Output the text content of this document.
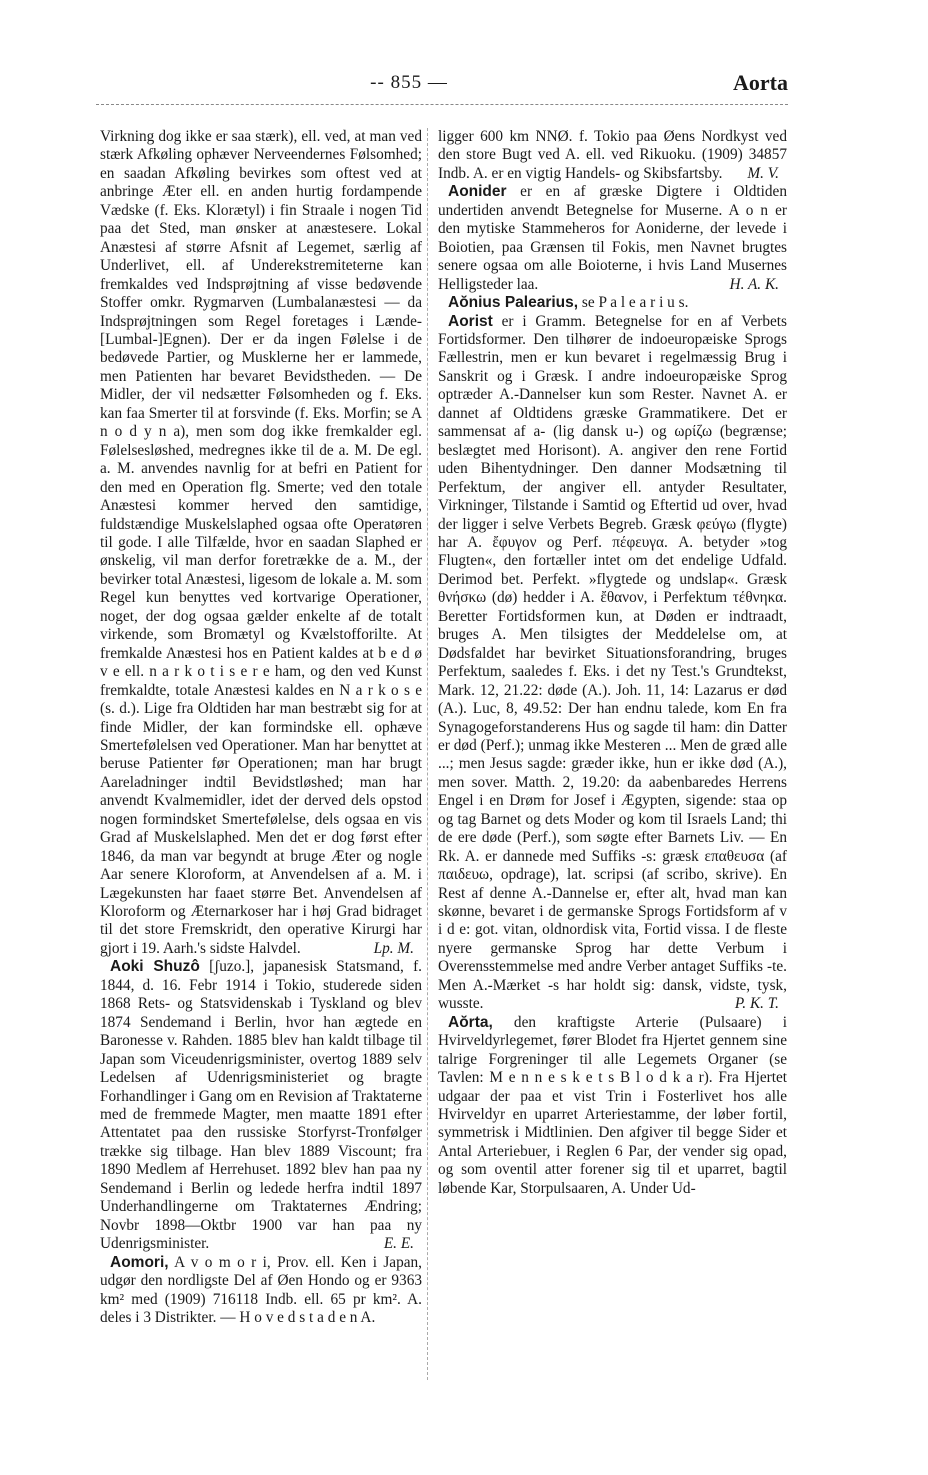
-- 855 —	Aorta

Virkning dog ikke er saa stærk), ell. ved, at man ved stærk Afkøling ophæver Nerveendernes Følsomhed; en saadan Afkøling bevirkes som oftest ved at anbringe Æter ell. en anden hurtig fordampende Vædske (f. Eks. Klorætyl) i fin Straale i nogen Tid paa det Sted, man ønsker at anæstesere. Lokal Anæstesi af større Afsnit af Legemet, særlig af Underlivet, ell. af Underekstremiteterne kan fremkaldes ved Indsprøjtning af visse bedøvende Stoffer omkr. Rygmarven (Lumbalanæstesi — da Indsprøjtningen som Regel foretages i Lænde-[Lumbal-]Egnen). Der er da ingen Følelse i de bedøvede Partier, og Musklerne her er lammede, men Patienten har bevaret Bevidstheden. — De Midler, der vil nedsætter Følsomheden og f. Eks. kan faa Smerter til at forsvinde (f. Eks. Morfin; se A n o d y n a), men som dog ikke fremkalder egl. Følelsesløshed, medregnes ikke til de a. M. De egl. a. M. anvendes navnlig for at befri en Patient for den med en Operation flg. Smerte; ved den totale Anæstesi kommer herved den samtidige, fuldstændige Muskelslaphed ogsaa ofte Operatøren til gode. I alle Tilfælde, hvor en saadan Slaphed er ønskelig, vil man derfor foretrække de a. M., der bevirker total Anæstesi, ligesom de lokale a. M. som Regel kun benyttes ved kortvarige Operationer, noget, der dog ogsaa gælder enkelte af de totalt virkende, som Bromætyl og Kvælstofforilte. At fremkalde Anæstesi hos en Patient kaldes at b e d ø v e ell. n a r k o t i s e r e ham, og den ved Kunst fremkaldte, totale Anæstesi kaldes en N a r k o s e (s. d.). Lige fra Oldtiden har man bestræbt sig for at finde Midler, der kan formindske ell. ophæve Smertefølelsen ved Operationer. Man har benyttet at beruse Patienter før Operationen; man har brugt Aareladninger indtil Bevidstløshed; man har anvendt Kvalmemidler, idet der derved dels opstod nogen formindsket Smertefølelse, dels ogsaa en vis Grad af Muskelslaphed. Men det er dog først efter 1846, da man var begyndt at bruge Æter og nogle Aar senere Kloroform, at Anvendelsen af a. M. i Lægekunsten har faaet større Bet. Anvendelsen af Kloroform og Æternarkoser har i høj Grad bidraget til det store Fremskridt, den operative Kirurgi har gjort i 19. Aarh.'s sidste Halvdel.	Lp. M.

Aoki Shuzô [ʃuzo.], japanesisk Statsmand, f. 1844, d. 16. Febr 1914 i Tokio, studerede siden 1868 Rets- og Statsvidenskab i Tyskland og blev 1874 Sendemand i Berlin, hvor han ægtede en Baronesse v. Rahden. 1885 blev han kaldt tilbage til Japan som Viceudenrigsminister, overtog 1889 selv Ledelsen af Udenrigsministeriet og bragte Forhandlinger i Gang om en Revision af Traktaterne med de fremmede Magter, men maatte 1891 efter Attentatet paa den russiske Storfyrst-Tronfølger trække sig tilbage. Han blev 1889 Viscount; fra 1890 Medlem af Herrehuset. 1892 blev han paa ny Sendemand i Berlin og ledede herfra indtil 1897 Underhandlingerne om Traktaternes Ændring; Novbr 1898—Oktbr 1900 var han paa ny Udenrigsminister.	E. E.

Aomori, A v o m o r i, Prov. ell. Ken i Japan, udgør den nordligste Del af Øen Hondo og er 9363 km² med (1909) 716118 Indb. ell. 65 pr km². A. deles i 3 Distrikter. — H o v e d s t a d e n A.

ligger 600 km NNØ. f. Tokio paa Øens Nordkyst ved den store Bugt ved A. ell. ved Rikuoku. (1909) 34857 Indb. A. er en vigtig Handels- og Skibsfartsby. M. V.

Aonider er en af græske Digtere i Oldtiden undertiden anvendt Betegnelse for Muserne. A o n er den mytiske Stammeheros for Aoniderne, der levede i Boiotien, paa Grænsen til Fokis, men Navnet brugtes senere ogsaa om alle Boioterne, i hvis Land Musernes Helligsteder laa.	H. A. K.

Aŏnius Palearius, se P a l e a r i u s.

Aorist er i Gramm. Betegnelse for en af Verbets Fortidsformer. Den tilhører de indoeuropæiske Sprogs Fællestrin, men er kun bevaret i regelmæssig Brug i Sanskrit og i Græsk. I andre indoeuropæiske Sprog optræder A.-Dannelser kun som Rester. Navnet A. er dannet af Oldtidens græske Grammatikere. Det er sammensat af a- (lig dansk u-) og ωρίζω (begrænse; beslægtet med Horisont). A. angiver den rene Fortid uden Bihentydninger. Den danner Modsætning til Perfektum, der angiver ell. antyder Resultater, Virkninger, Tilstande i Samtid og Eftertid ud over, hvad der ligger i selve Verbets Begreb. Græsk φεύγω (flygte) har A. ἔφυγον og Perf. πέφευγα. A. betyder »tog Flugten«, den fortæller intet om det endelige Udfald. Derimod bet. Perfekt. »flygtede og undslap«. Græsk θνήσκω (dø) hedder i A. ἔθανον, i Perfektum τέθνηκα. Beretter Fortidsformen kun, at Døden er indtraadt, bruges A. Men tilsigtes der Meddelelse om, at Dødsfaldet har bevirket Situationsforandring, bruges Perfektum, saaledes f. Eks. i det ny Test.'s Grundtekst, Mark. 12, 21.22: døde (A.). Joh. 11, 14: Lazarus er død (A.). Luc, 8, 49.52: Der han endnu talede, kom En fra Synagogeforstanderens Hus og sagde til ham: din Datter er død (Perf.); unmag ikke Mesteren ... Men de græd alle ...; men Jesus sagde: græder ikke, hun er ikke død (A.), men sover. Matth. 2, 19.20: da aabenbaredes Herrens Engel i en Drøm for Josef i Ægypten, sigende: staa op og tag Barnet og dets Moder og kom til Israels Land; thi de ere døde (Perf.), som søgte efter Barnets Liv. — En Rk. A. er dannede med Suffiks -s: græsk επαθευσα (af παιδευω, opdrage), lat. scripsi (af scribo, skrive). En Rest af denne A.-Dannelse er, efter alt, hvad man kan skønne, bevaret i de germanske Sprogs Fortidsform af v i d e: got. vitan, oldnordisk vita, Fortid vissa. I de fleste nyere germanske Sprog har dette Verbum i Overensstemmelse med andre Verber antaget Suffiks -te. Men A.-Mærket -s har holdt sig: dansk, vidste, tysk, wusste.	P. K. T.

Aŏrta, den kraftigste Arterie (Pulsaare) i Hvirveldyrlegemet, fører Blodet fra Hjertet gennem sine talrige Forgreninger til alle Legemets Organer (se Tavlen: M e n n e s k e t s B l o d k a r). Fra Hjertet udgaar der paa et vist Trin i Fosterlivet hos alle Hvirveldyr en uparret Arteriestamme, der løber fortil, symmetrisk i Midtlinien. Den afgiver til begge Sider et Antal Arteriebuer, i Reglen 6 Par, der vender sig opad, og som oventil atter forener sig til et uparret, bagtil løbende Kar, Storpulsaaren, A. Under Ud-
